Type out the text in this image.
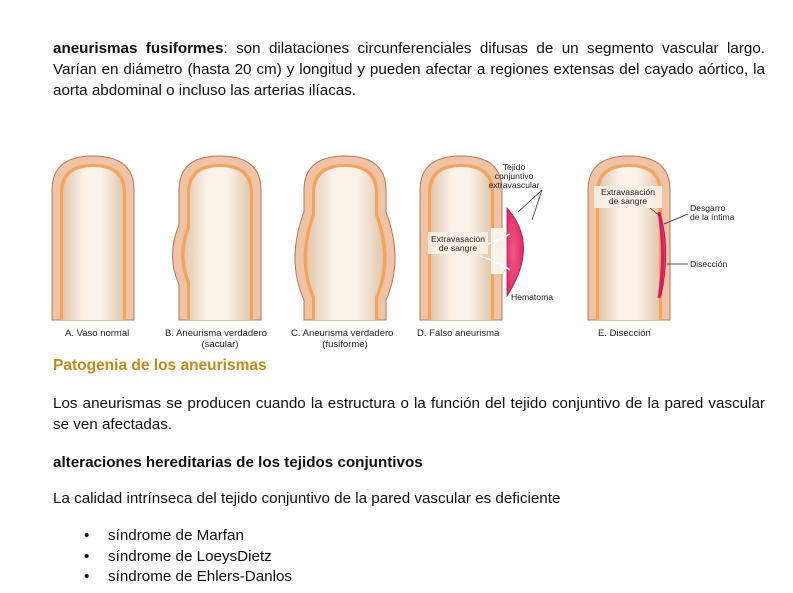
aneurismas fusiformes: son dilataciones circunferenciales difusas de un segmento vascular largo. Varían en diámetro (hasta 20 cm) y longitud y pueden afectar a regiones extensas del cayado aórtico, la aorta abdominal o incluso las arterias ilíacas.

Tejido
conjuntivo
extravascular
Extravasación
de sangre
Hematoma
Extravasación
de sangre
Desgarro
de la íntima
Disección
A. Vaso normal	B. Aneurisma verdadero
(sacular)
C. Aneurisma verdadero
(fusiforme)
D. Falso aneurisma	E. Disección
Patogenia de los aneurismas

Los aneurismas se producen cuando la estructura o la función del tejido conjuntivo de la pared vascular se ven afectadas.

alteraciones hereditarias de los tejidos conjuntivos

La calidad intrínseca del tejido conjuntivo de la pared vascular es deficiente

• síndrome de Marfan
• síndrome de LoeysDietz
• síndrome de Ehlers-Danlos
